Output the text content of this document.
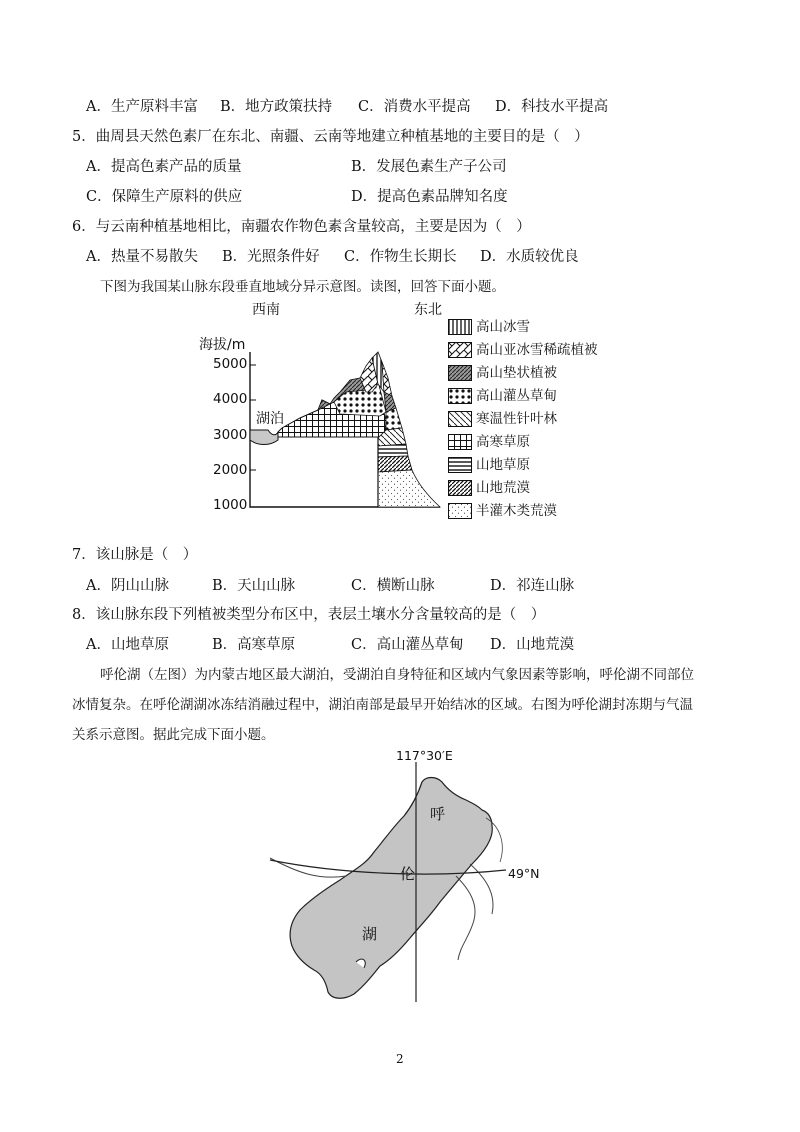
A．生产原料丰富 B．地方政策扶持 C．消费水平提高 D．科技水平提高
5．曲周县天然色素厂在东北、南疆、云南等地建立种植基地的主要目的是（　）
A．提高色素产品的质量	B．发展色素生产子公司
C．保障生产原料的供应	D．提高色素品牌知名度
6．与云南种植基地相比，南疆农作物色素含量较高，主要是因为（　）
A．热量不易散失 B．光照条件好 C．作物生长期长 D．水质较优良
下图为我国某山脉东段垂直地域分异示意图。读图，回答下面小题。
西南	东北
海拔/m
5000
4000
3000
2000
1000
湖泊
高山冰雪
高山亚冰雪稀疏植被
高山垫状植被
高山灌丛草甸
寒温性针叶林
高寒草原
山地草原
山地荒漠
半灌木类荒漠
7．该山脉是（　）
A．阴山山脉	B．天山山脉	C．横断山脉	D．祁连山脉
8．该山脉东段下列植被类型分布区中，表层土壤水分含量较高的是（　）
A．山地草原	B．高寒草原	C．高山灌丛草甸 D．山地荒漠
呼伦湖（左图）为内蒙古地区最大湖泊，受湖泊自身特征和区域内气象因素等影响，呼伦湖不同部位
冰情复杂。在呼伦湖湖冰冻结消融过程中，湖泊南部是最早开始结冰的区域。右图为呼伦湖封冻期与气温
关系示意图。据此完成下面小题。
117°30′E
49°N
呼
伦
湖
2
